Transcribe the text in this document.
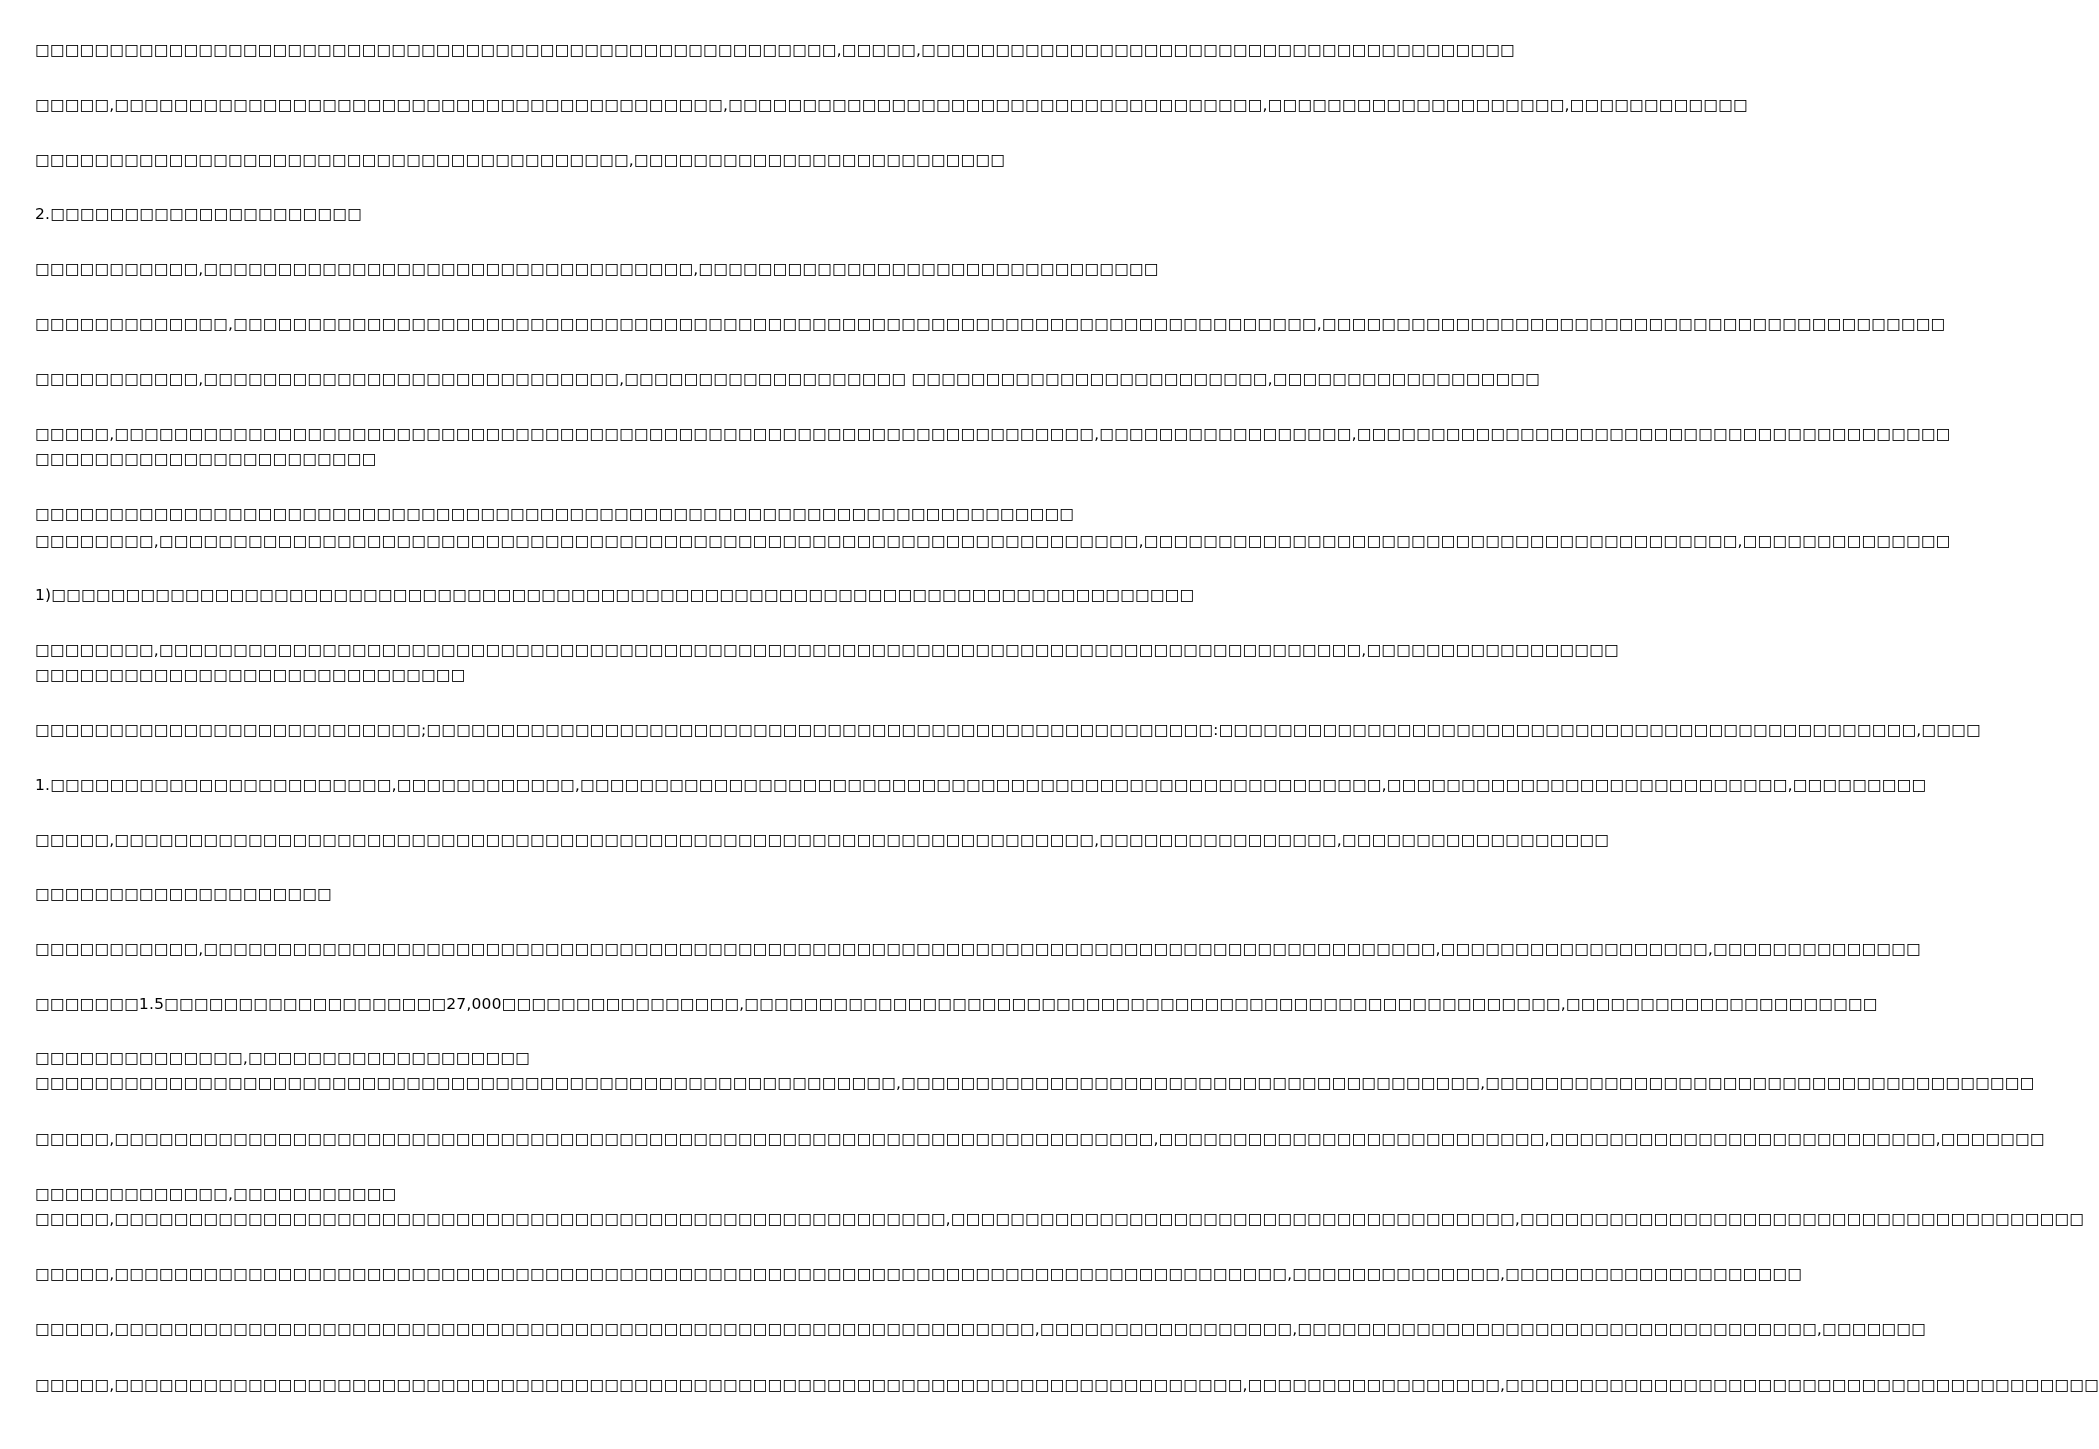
□□□□□□□□□□□□□□□□□□□□□□□□□□□□□□□□□□□□□□□□□□□□□□□□□□□□□□,□□□□□,□□□□□□□□□□□□□□□□□□□□□□□□□□□□□□□□□□□□□□□□
□□□□□,□□□□□□□□□□□□□□□□□□□□□□□□□□□□□□□□□□□□□□□□□,□□□□□□□□□□□□□□□□□□□□□□□□□□□□□□□□□□□□,□□□□□□□□□□□□□□□□□□□□,□□□□□□□□□□□□
□□□□□□□□□□□□□□□□□□□□□□□□□□□□□□□□□□□□□□□□,□□□□□□□□□□□□□□□□□□□□□□□□□
2.□□□□□□□□□□□□□□□□□□□□□
□□□□□□□□□□□,□□□□□□□□□□□□□□□□□□□□□□□□□□□□□□□□□,□□□□□□□□□□□□□□□□□□□□□□□□□□□□□□□
□□□□□□□□□□□□□,□□□□□□□□□□□□□□□□□□□□□□□□□□□□□□□□□□□□□□□□□□□□□□□□□□□□□□□□□□□□□□□□□□□□□□□□□,□□□□□□□□□□□□□□□□□□□□□□□□□□□□□□□□□□□□□□□□□□
□□□□□□□□□□□,□□□□□□□□□□□□□□□□□□□□□□□□□□□□,□□□□□□□□□□□□□□□□□□□ □□□□□□□□□□□□□□□□□□□□□□□□,□□□□□□□□□□□□□□□□□□
□□□□□,□□□□□□□□□□□□□□□□□□□□□□□□□□□□□□□□□□□□□□□□□□□□□□□□□□□□□□□□□□□□□□□□□□,□□□□□□□□□□□□□□□□□,□□□□□□□□□□□□□□□□□□□□□□□□□□□□□□□□□□□□□□□□
□□□□□□□□□□□□□□□□□□□□□□□
□□□□□□□□□□□□□□□□□□□□□□□□□□□□□□□□□□□□□□□□□□□□□□□□□□□□□□□□□□□□□□□□□□□□□□
□□□□□□□□,□□□□□□□□□□□□□□□□□□□□□□□□□□□□□□□□□□□□□□□□□□□□□□□□□□□□□□□□□□□□□□□□□□,□□□□□□□□□□□□□□□□□□□□□□□□□□□□□□□□□□□□□□□□,□□□□□□□□□□□□□□
1)□□□□□□□□□□□□□□□□□□□□□□□□□□□□□□□□□□□□□□□□□□□□□□□□□□□□□□□□□□□□□□□□□□□□□□□□□□□□□
□□□□□□□□,□□□□□□□□□□□□□□□□□□□□□□□□□□□□□□□□□□□□□□□□□□□□□□□□□□□□□□□□□□□□□□□□□□□□□□□□□□□□□□□□□,□□□□□□□□□□□□□□□□□
□□□□□□□□□□□□□□□□□□□□□□□□□□□□□
□□□□□□□□□□□□□□□□□□□□□□□□□□;□□□□□□□□□□□□□□□□□□□□□□□□□□□□□□□□□□□□□□□□□□□□□□□□□□□□□:□□□□□□□□□□□□□□□□□□□□□□□□□□□□□□□□□□□□□□□□□□□□□□□,□□□□
1.□□□□□□□□□□□□□□□□□□□□□□□,□□□□□□□□□□□□,□□□□□□□□□□□□□□□□□□□□□□□□□□□□□□□□□□□□□□□□□□□□□□□□□□□□□□,□□□□□□□□□□□□□□□□□□□□□□□□□□□,□□□□□□□□□
□□□□□,□□□□□□□□□□□□□□□□□□□□□□□□□□□□□□□□□□□□□□□□□□□□□□□□□□□□□□□□□□□□□□□□□□,□□□□□□□□□□□□□□□□,□□□□□□□□□□□□□□□□□□
□□□□□□□□□□□□□□□□□□□□
□□□□□□□□□□□,□□□□□□□□□□□□□□□□□□□□□□□□□□□□□□□□□□□□□□□□□□□□□□□□□□□□□□□□□□□□□□□□□□□□□□□□□□□□□□□□□□□,□□□□□□□□□□□□□□□□□□,□□□□□□□□□□□□□□
□□□□□□□1.5□□□□□□□□□□□□□□□□□□□27,000□□□□□□□□□□□□□□□□,□□□□□□□□□□□□□□□□□□□□□□□□□□□□□□□□□□□□□□□□□□□□□□□□□□□□□□□,□□□□□□□□□□□□□□□□□□□□□
□□□□□□□□□□□□□□,□□□□□□□□□□□□□□□□□□□
□□□□□□□□□□□□□□□□□□□□□□□□□□□□□□□□□□□□□□□□□□□□□□□□□□□□□□□□□□,□□□□□□□□□□□□□□□□□□□□□□□□□□□□□□□□□□□□□□□,□□□□□□□□□□□□□□□□□□□□□□□□□□□□□□□□□□□□□
□□□□□,□□□□□□□□□□□□□□□□□□□□□□□□□□□□□□□□□□□□□□□□□□□□□□□□□□□□□□□□□□□□□□□□□□□□□□,□□□□□□□□□□□□□□□□□□□□□□□□□□,□□□□□□□□□□□□□□□□□□□□□□□□□□,□□□□□□□
□□□□□□□□□□□□□,□□□□□□□□□□□
□□□□□,□□□□□□□□□□□□□□□□□□□□□□□□□□□□□□□□□□□□□□□□□□□□□□□□□□□□□□□□,□□□□□□□□□□□□□□□□□□□□□□□□□□□□□□□□□□□□□□,□□□□□□□□□□□□□□□□□□□□□□□□□□□□□□□□□□□□□□
□□□□□,□□□□□□□□□□□□□□□□□□□□□□□□□□□□□□□□□□□□□□□□□□□□□□□□□□□□□□□□□□□□□□□□□□□□□□□□□□□□□□□,□□□□□□□□□□□□□□,□□□□□□□□□□□□□□□□□□□□
□□□□□,□□□□□□□□□□□□□□□□□□□□□□□□□□□□□□□□□□□□□□□□□□□□□□□□□□□□□□□□□□□□□□,□□□□□□□□□□□□□□□□□,□□□□□□□□□□□□□□□□□□□□□□□□□□□□□□□□□□□,□□□□□□□
□□□□□,□□□□□□□□□□□□□□□□□□□□□□□□□□□□□□□□□□□□□□□□□□□□□□□□□□□□□□□□□□□□□□□□□□□□□□□□□□□□,□□□□□□□□□□□□□□□□□,□□□□□□□□□□□□□□□□□□□□□□□□□□□□□□□□□□□□□□□□
